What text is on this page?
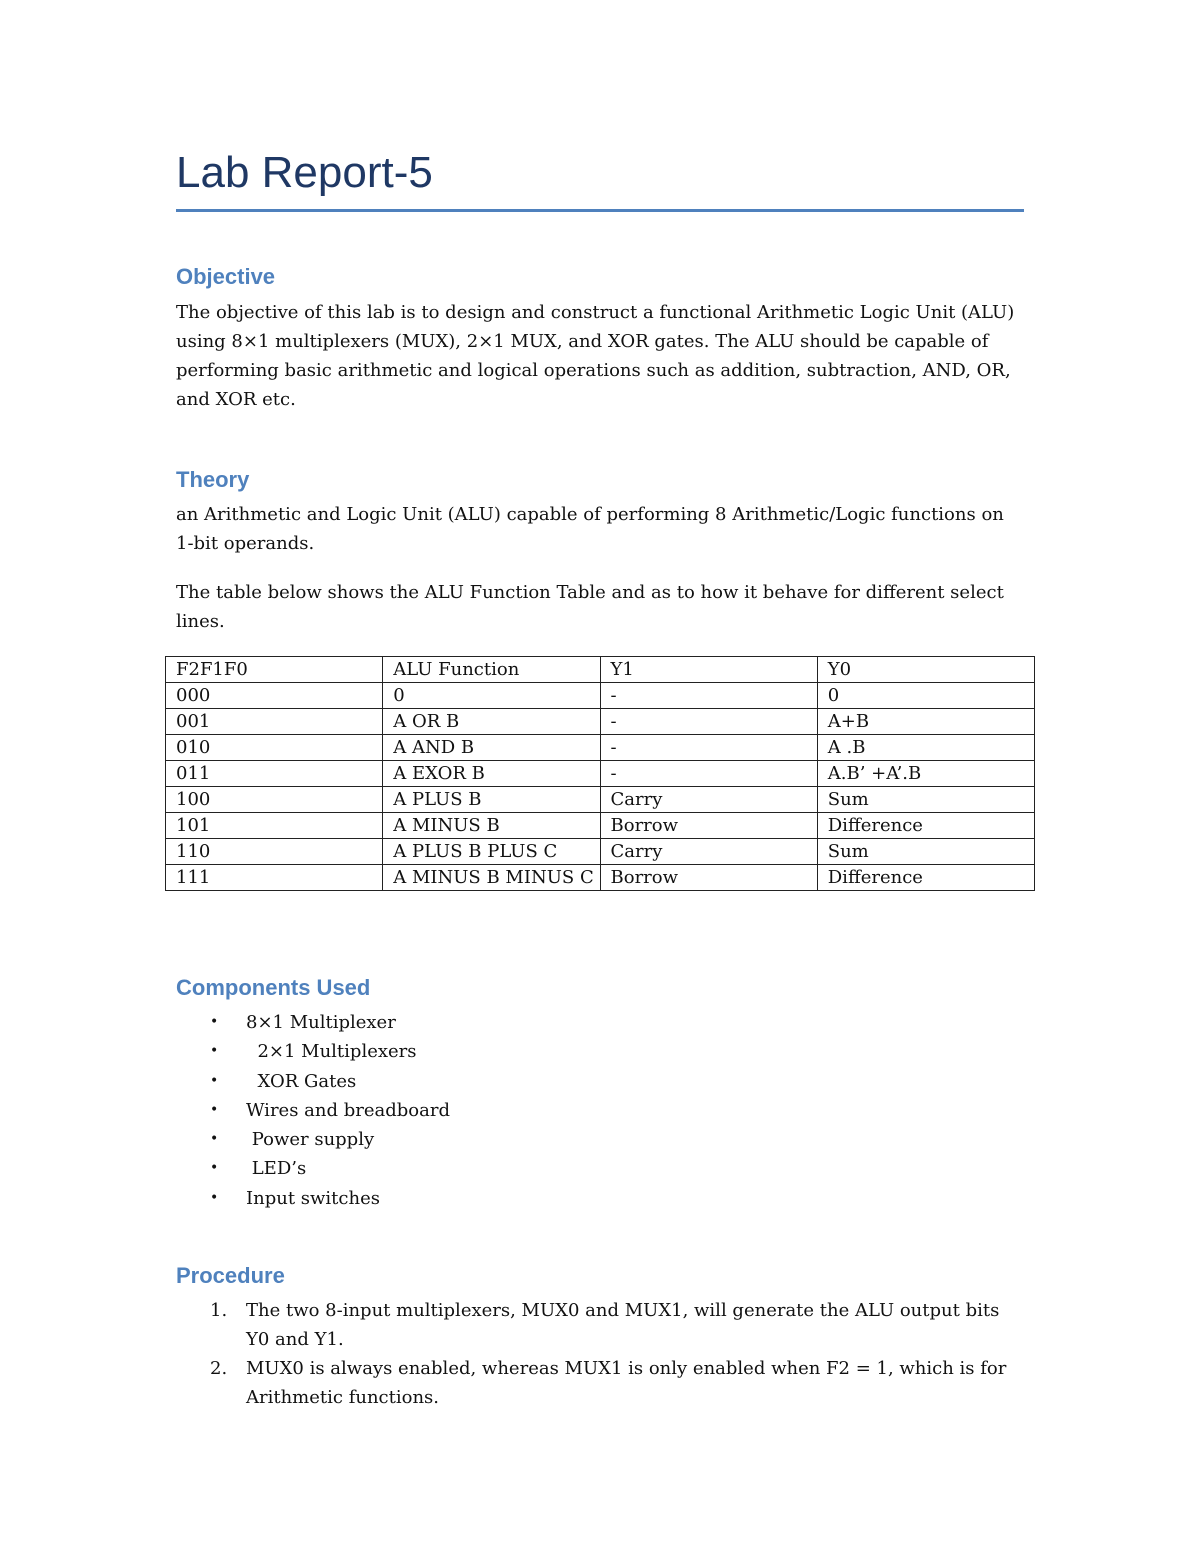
Lab Report-5
Objective
The objective of this lab is to design and construct a functional Arithmetic Logic Unit (ALU)
using 8×1 multiplexers (MUX), 2×1 MUX, and XOR gates. The ALU should be capable of
performing basic arithmetic and logical operations such as addition, subtraction, AND, OR,
and XOR etc.
Theory
an Arithmetic and Logic Unit (ALU) capable of performing 8 Arithmetic/Logic functions on
1-bit operands.
The table below shows the ALU Function Table and as to how it behave for different select
lines.
F2F1F0	ALU Function	Y1	Y0
000	0	-	0
001	A OR B	-	A+B
010	A AND B	-	A .B
011	A EXOR B	-	A.B’ +A’.B
100	A PLUS B	Carry	Sum
101	A MINUS B	Borrow	Difference
110	A PLUS B PLUS C	Carry	Sum
111	A MINUS B MINUS C	Borrow	Difference
Components Used
• 8×1 Multiplexer
•   2×1 Multiplexers
•   XOR Gates
• Wires and breadboard
•  Power supply
•  LED’s
• Input switches
Procedure
1. The two 8-input multiplexers, MUX0 and MUX1, will generate the ALU output bits
Y0 and Y1.
2. MUX0 is always enabled, whereas MUX1 is only enabled when F2 = 1, which is for
Arithmetic functions.
